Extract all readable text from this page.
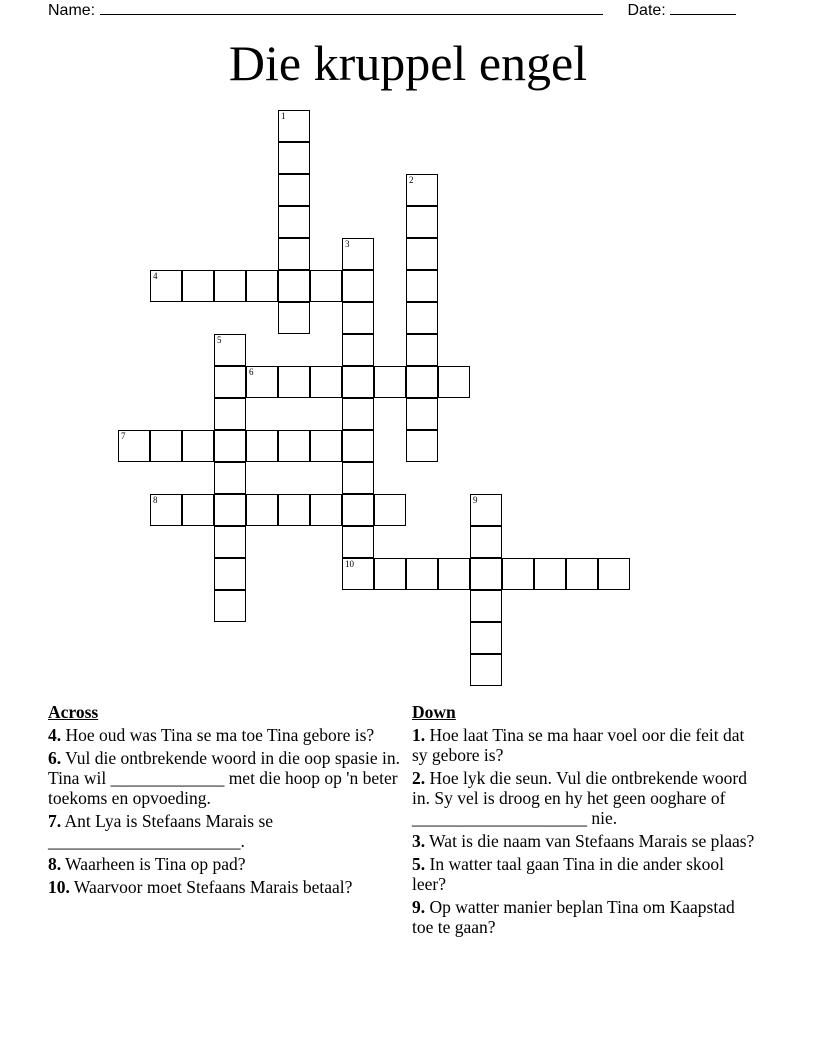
Name:	Date:
Die kruppel engel
1
2
3
4
5
6
7
8	9
10
Across
4. Hoe oud was Tina se ma toe Tina gebore is?
6. Vul die ontbrekende woord in die oop spasie in. Tina wil _____________ met die hoop op 'n beter toekoms en opvoeding.
7. Ant Lya is Stefaans Marais se ______________________.
8. Waarheen is Tina op pad?
10. Waarvoor moet Stefaans Marais betaal?
Down
1. Hoe laat Tina se ma haar voel oor die feit dat sy gebore is?
2. Hoe lyk die seun. Vul die ontbrekende woord in. Sy vel is droog en hy het geen ooghare of ____________________ nie.
3. Wat is die naam van Stefaans Marais se plaas?
5. In watter taal gaan Tina in die ander skool leer?
9. Op watter manier beplan Tina om Kaapstad toe te gaan?
